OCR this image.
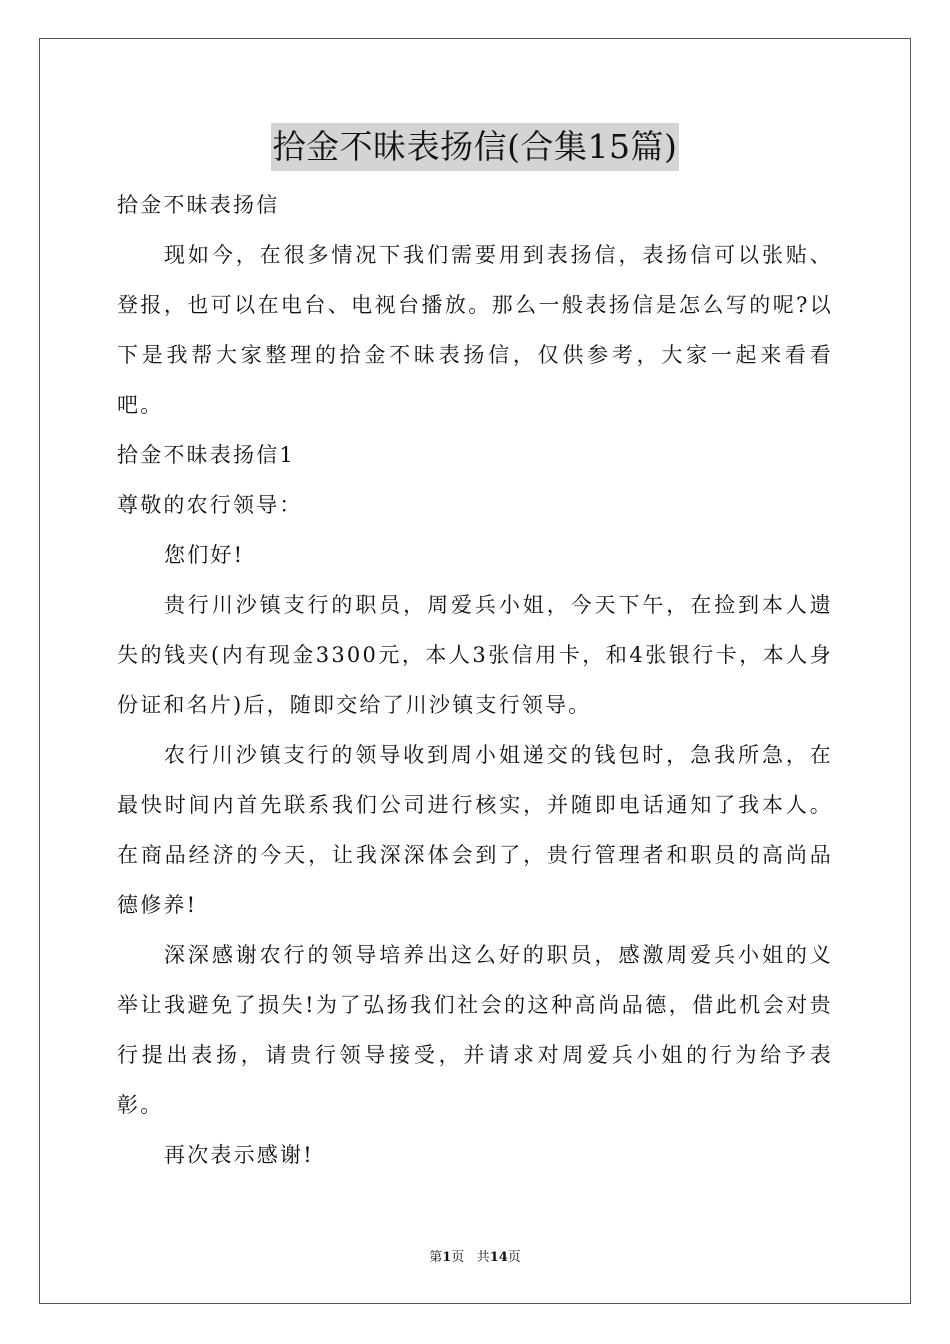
拾金不昧表扬信(合集15篇)

拾金不昧表扬信

现如今，在很多情况下我们需要用到表扬信，表扬信可以张贴、登报，也可以在电台、电视台播放。那么一般表扬信是怎么写的呢?以下是我帮大家整理的拾金不昧表扬信，仅供参考，大家一起来看看吧。

拾金不昧表扬信1

尊敬的农行领导：

您们好!

贵行川沙镇支行的职员，周爱兵小姐，今天下午，在捡到本人遗失的钱夹(内有现金3300元，本人3张信用卡，和4张银行卡，本人身份证和名片)后，随即交给了川沙镇支行领导。

农行川沙镇支行的领导收到周小姐递交的钱包时，急我所急，在最快时间内首先联系我们公司进行核实，并随即电话通知了我本人。在商品经济的今天，让我深深体会到了，贵行管理者和职员的高尚品德修养!

深深感谢农行的领导培养出这么好的职员，感激周爱兵小姐的义举让我避免了损失!为了弘扬我们社会的这种高尚品德，借此机会对贵行提出表扬，请贵行领导接受，并请求对周爱兵小姐的行为给予表彰。

再次表示感谢!

第1页 共14页
